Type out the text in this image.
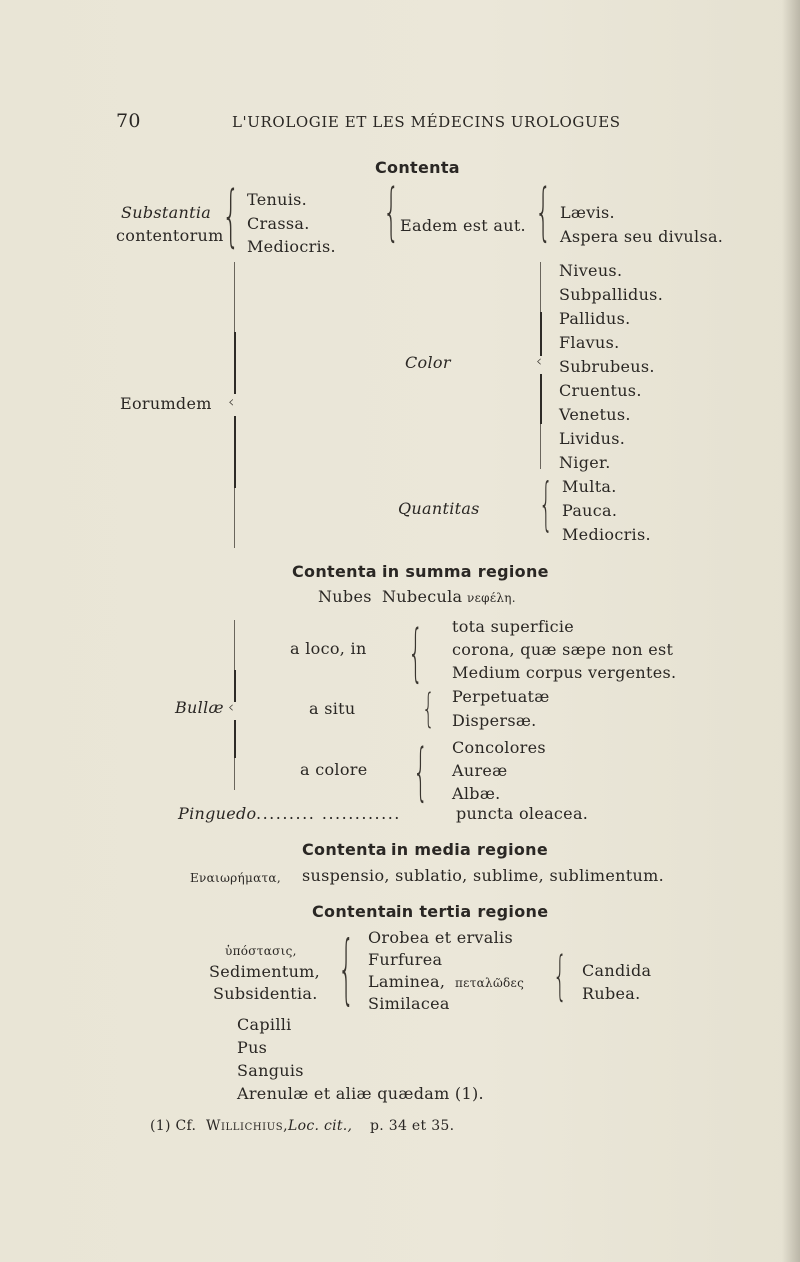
70	L'UROLOGIE ET LES MÉDECINS UROLOGUES
Contenta
Substantia
contentorum
{ Tenuis.
Crassa.
Mediocris. { Eadem est aut. { Lævis.
Aspera seu divulsa.
‹
Eorumdem
Color	‹
Niveus.
Subpallidus.
Pallidus.
Flavus.
Subrubeus.
Cruentus.
Venetus.
Lividus.
Niger.
Quantitas	{ Multa.
Pauca.
Mediocris.
Contenta in summa regione
Nubes Nubecula νεφέλη.
‹
Bullæ
a loco, in { tota superficie
corona, quæ sæpe non est
Medium corpus vergentes.
a situ	{ Perpetuatæ
Dispersæ.
a colore { Concolores
Aureæ
Albæ.
Pinguedo ......... ............	puncta oleacea.
Contenta in media regione
Εναιωρήματα, suspensio, sublatio, sublime, sublimentum.
Contenta in tertia regione
ὑπόστασις,
Sedimentum,
Subsidentia. { Orobea et ervalis
Furfurea
Laminea, πεταλῶδες
Similacea	{ Candida
Rubea.
Capilli
Pus
Sanguis
Arenulæ et aliæ quædam (1).
(1) Cf. Willichius, Loc. cit., p. 34 et 35.
